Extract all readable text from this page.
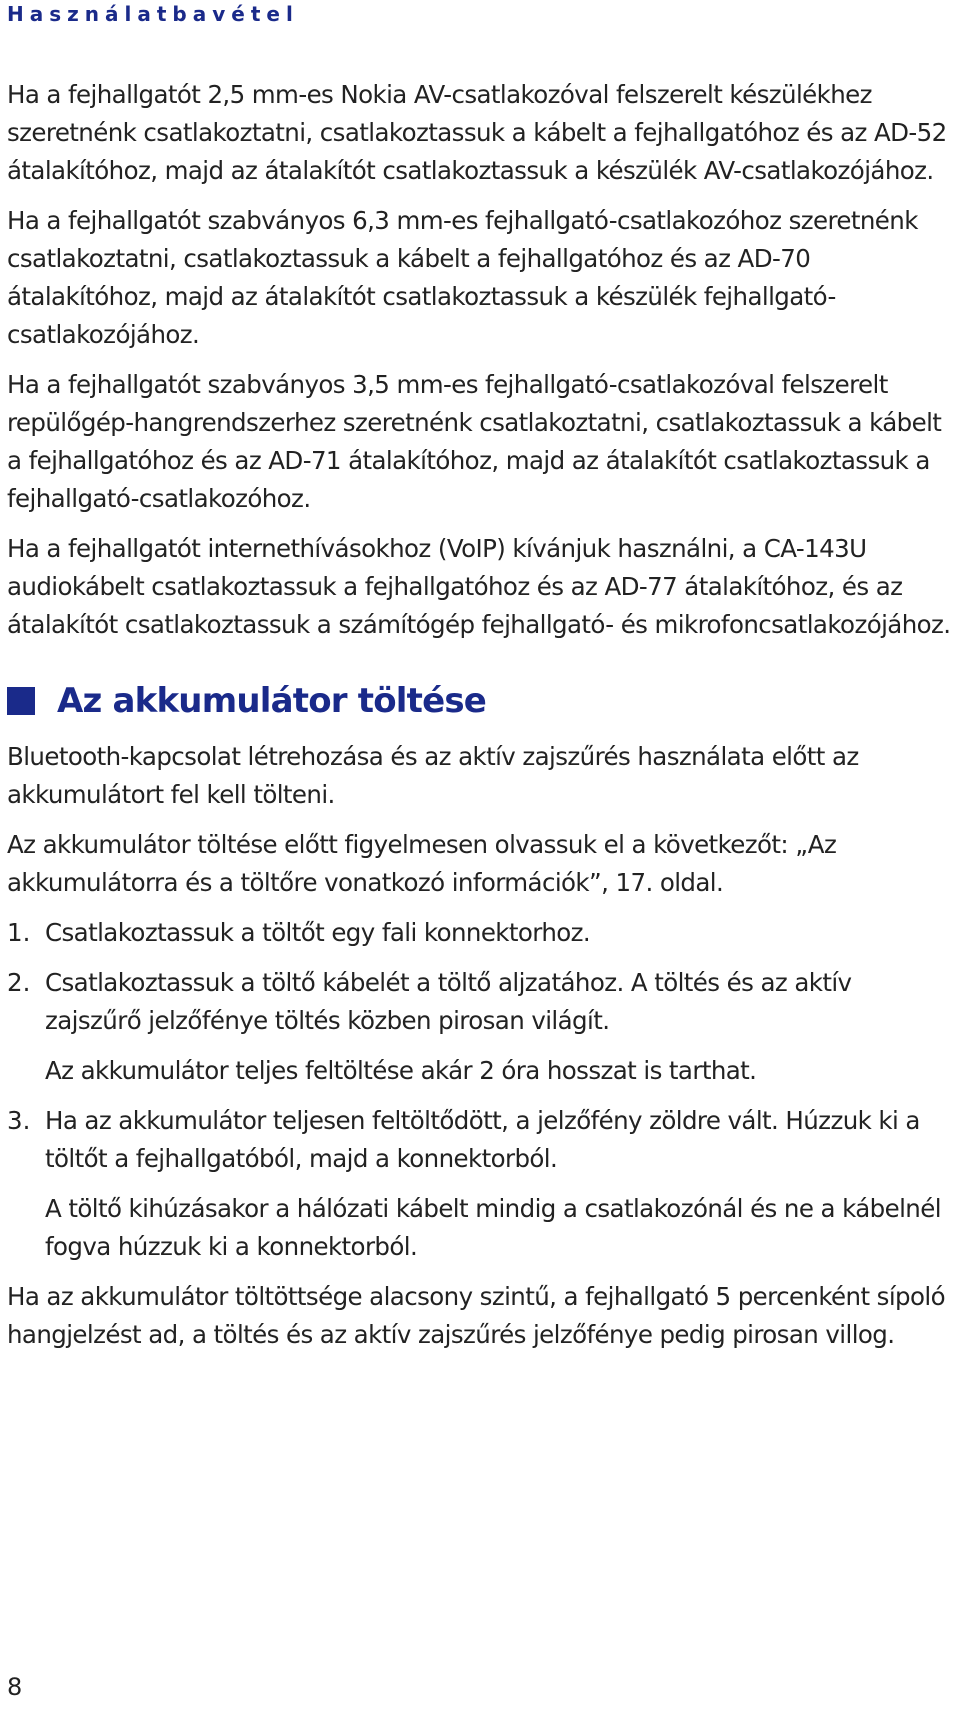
Használatbavétel

Ha a fejhallgatót 2,5 mm-es Nokia AV-csatlakozóval felszerelt készülékhez szeretnénk csatlakoztatni, csatlakoztassuk a kábelt a fejhallgatóhoz és az AD-52 átalakítóhoz, majd az átalakítót csatlakoztassuk a készülék AV-csatlakozójához.

Ha a fejhallgatót szabványos 6,3 mm-es fejhallgató-csatlakozóhoz szeretnénk csatlakoztatni, csatlakoztassuk a kábelt a fejhallgatóhoz és az AD-70 átalakítóhoz, majd az átalakítót csatlakoztassuk a készülék fejhallgató-csatlakozójához.

Ha a fejhallgatót szabványos 3,5 mm-es fejhallgató-csatlakozóval felszerelt repülőgép-hangrendszerhez szeretnénk csatlakoztatni, csatlakoztassuk a kábelt a fejhallgatóhoz és az AD-71 átalakítóhoz, majd az átalakítót csatlakoztassuk a fejhallgató-csatlakozóhoz.

Ha a fejhallgatót internethívásokhoz (VoIP) kívánjuk használni, a CA-143U audiokábelt csatlakoztassuk a fejhallgatóhoz és az AD-77 átalakítóhoz, és az átalakítót csatlakoztassuk a számítógép fejhallgató- és mikrofoncsatlakozójához.

Az akkumulátor töltése

Bluetooth-kapcsolat létrehozása és az aktív zajszűrés használata előtt az akkumulátort fel kell tölteni.

Az akkumulátor töltése előtt figyelmesen olvassuk el a következőt: „Az akkumulátorra és a töltőre vonatkozó információk”, 17. oldal.

1. Csatlakoztassuk a töltőt egy fali konnektorhoz.

2. Csatlakoztassuk a töltő kábelét a töltő aljzatához. A töltés és az aktív zajszűrő jelzőfénye töltés közben pirosan világít.

Az akkumulátor teljes feltöltése akár 2 óra hosszat is tarthat.

3. Ha az akkumulátor teljesen feltöltődött, a jelzőfény zöldre vált. Húzzuk ki a töltőt a fejhallgatóból, majd a konnektorból.

A töltő kihúzásakor a hálózati kábelt mindig a csatlakozónál és ne a kábelnél fogva húzzuk ki a konnektorból.

Ha az akkumulátor töltöttsége alacsony szintű, a fejhallgató 5 percenként sípoló hangjelzést ad, a töltés és az aktív zajszűrés jelzőfénye pedig pirosan villog.

8
